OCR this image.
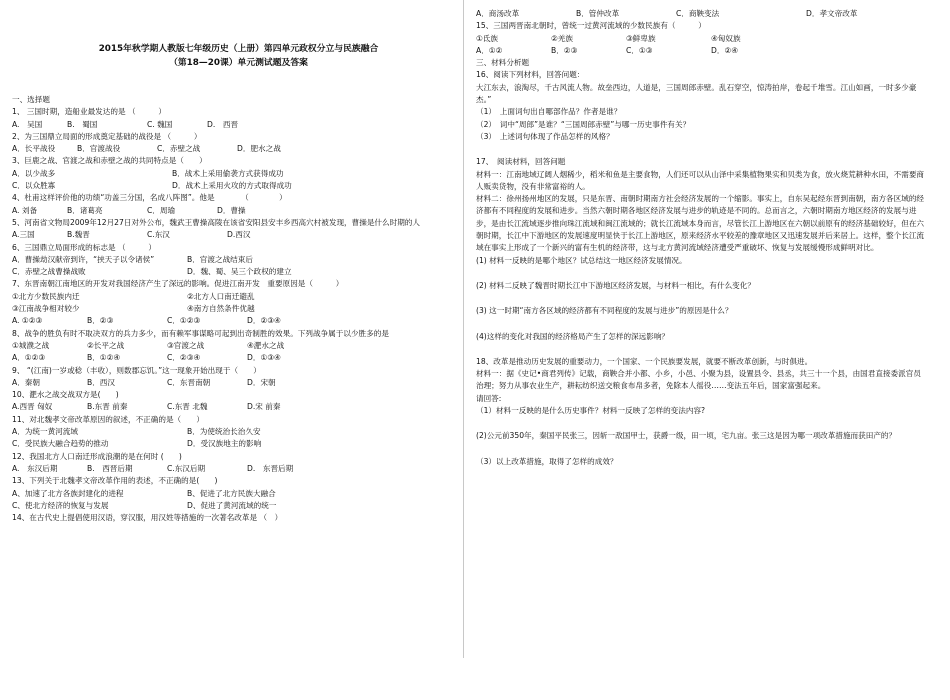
2015年秋学期人教版七年级历史（上册）第四单元政权分立与民族融合
（第18—20课）单元测试题及答案
一、选择题
1、 三国时期，造船业最发达的是 （　　　）
A.　吴国	B.　蜀国	C. 魏国	D.　西晋
2、为三国鼎立局面的形成奠定基础的战役是 （　　　）
A．长平战役	B．官渡战役	C．赤壁之战	D．肥水之战
3、巨鹿之战、官渡之战和赤壁之战的共同特点是（　　）
A．以少战多	B．战术上采用偷袭方式获得成功
C．以众胜寡	D．战术上采用火攻的方式取得成功
4、杜甫这样评价他的功绩“功盖三分国，名成八阵图”。他是　　　　（　　　　）
A. 刘备	B．诸葛亮	C．周瑜	D．曹操
5、河南省文物局2009年12月27日对外公布，魏武王曹操高陵在该省安阳县安丰乡西高穴村被发现，曹操是什么时期的人
A.三国	B.魏晋	C.东汉	D.西汉
6、三国鼎立局面形成的标志是 （　　　）
A．曹操劫汉献帝到许，“挟天子以令诸侯”	B．官渡之战结束后
C．赤壁之战曹操战败	D．魏、蜀、吴三个政权的建立
7、东晋南朝江南地区的开发对我国经济产生了深远的影响。促进江南开发　重要原因是（　　　）
①北方少数民族内迁	②北方人口南迁避乱
③江南战争相对较少	④南方自然条件优越
A. ①②③	B．②③	C．①②③	D．②③④
8、战争的胜负有时不取决双方的兵力多少，而有赖军事谋略可起到出奇制胜的效果。下列战争属于以少胜多的是
①城濮之战	②长平之战	③官渡之战	④淝水之战
A．①②③	B．①②④	C．②③④	D．①③④
9、 “(江南)一岁或稔（丰收），则数郡忘饥。”这一现象开始出现于（　　）
A．秦朝	B．西汉	C．东晋南朝	D．宋朝
10、淝水之战交战双方是(　　)
A.西晋 匈奴	B.东晋 前秦	C.东晋 北魏	D.宋 前秦
11、对北魏孝文帝改革原因的叙述，不正确的是（　　）
A．为统一黄河流域	B．为使统治长治久安
C．受民族大融合趋势的推动	D．受汉族地主的影响
12、我国北方人口南迁形成浪潮的是在何时 (　　)
A.　东汉后期	B.　西晋后期	C.东汉后期	D.　东晋后期
13、下列关于北魏孝文帝改革作用的表述，不正确的是(　　)
A、加速了北方各族封建化的进程	B、促进了北方民族大融合
C、使北方经济的恢复与发展	D、促进了黄河流域的统一
14、在古代史上提倡使用汉语，穿汉服，用汉姓等措施的一次著名改革是 （　）
A．商汤改革	B．管仲改革	C．商鞅变法	D．孝文帝改革
15、三国两晋南北朝时，曾统一过黄河流域的少数民族有（　　　）
①氐族	②羌族	③鲜卑族	④匈奴族
A．①②	B．②③	C．①③	D．②④
三、材料分析题
16、阅读下列材料，回答问题：
大江东去，浪淘尽，千古风流人物。故垒西边，人道是，三国周郎赤壁。乱石穿空，惊涛拍岸，卷起千堆雪。江山如画，一时多少豪杰。”
（1）　上面词句出自哪部作品？作者是谁？
（2）　词中“周郎”是谁？“三国周郎赤壁”与哪一历史事件有关？
（3）　上述词句体现了作品怎样的风格？
17、　阅读材料，回答问题
材料一：江南地域辽阔人烟稀少，稻米和鱼是主要食物，人们还可以从山泽中采集植物果实和贝类为食，放火烧荒耕种水田，不需要商人贩卖货物，没有非常富裕的人。
材料二：徐州扬州地区的发展，只是东晋、南朝时期南方社会经济发展的一个缩影。事实上，自东吴起经东晋到南朝，南方各区域的经济都有不同程度的发展和进步。当然六朝时期各地区经济发展与进步的轨迹是不同的。总而言之，六朝时期南方地区经济的发展与进步，是由长江流域逐步推向珠江流域和闽江流域的；就长江流域本身而言，尽管长江上游地区在六朝以前原有的经济基础较好，但在六朝时期，长江中下游地区的发展速度明显快于长江上游地区，原来经济水平较差的豫章地区又迅速发展并后来居上。这样，整个长江流域在事实上形成了一个新兴的富有生机的经济带，这与北方黄河流域经济遭受严重破坏、恢复与发展缓慢形成鲜明对比。
(1) 材料一反映的是哪个地区？试总结这一地区经济发展情况。
(2) 材料二反映了魏晋时期长江中下游地区经济发展，与材料一相比，有什么变化？
(3) 这一时期“南方各区域的经济都有不同程度的发展与进步”的原因是什么？
(4)这样的变化对我国的经济格局产生了怎样的深远影响？
18、改革是推动历史发展的重要动力，一个国家、一个民族要发展，就要不断改革创新，与时俱进。
材料一：据《史记•商君列传》记载，商鞅合并小都、小乡，小邑、小聚为县，设置县令、县丞，共三十一个县，由国君直接委派官员治理；努力从事农业生产，耕耘纺织送交粮食布帛多者，免除本人徭役……变法五年后，国家富强起来。
请回答:
（1）材料一反映的是什么历史事件？材料一反映了怎样的变法内容?
(2)公元前350年，秦国平民张三，因斩一敌国甲士，获爵一级，田一顷，宅九亩。张三这是因为哪一项改革措施而获田产的？
（3）以上改革措施，取得了怎样的成效？
